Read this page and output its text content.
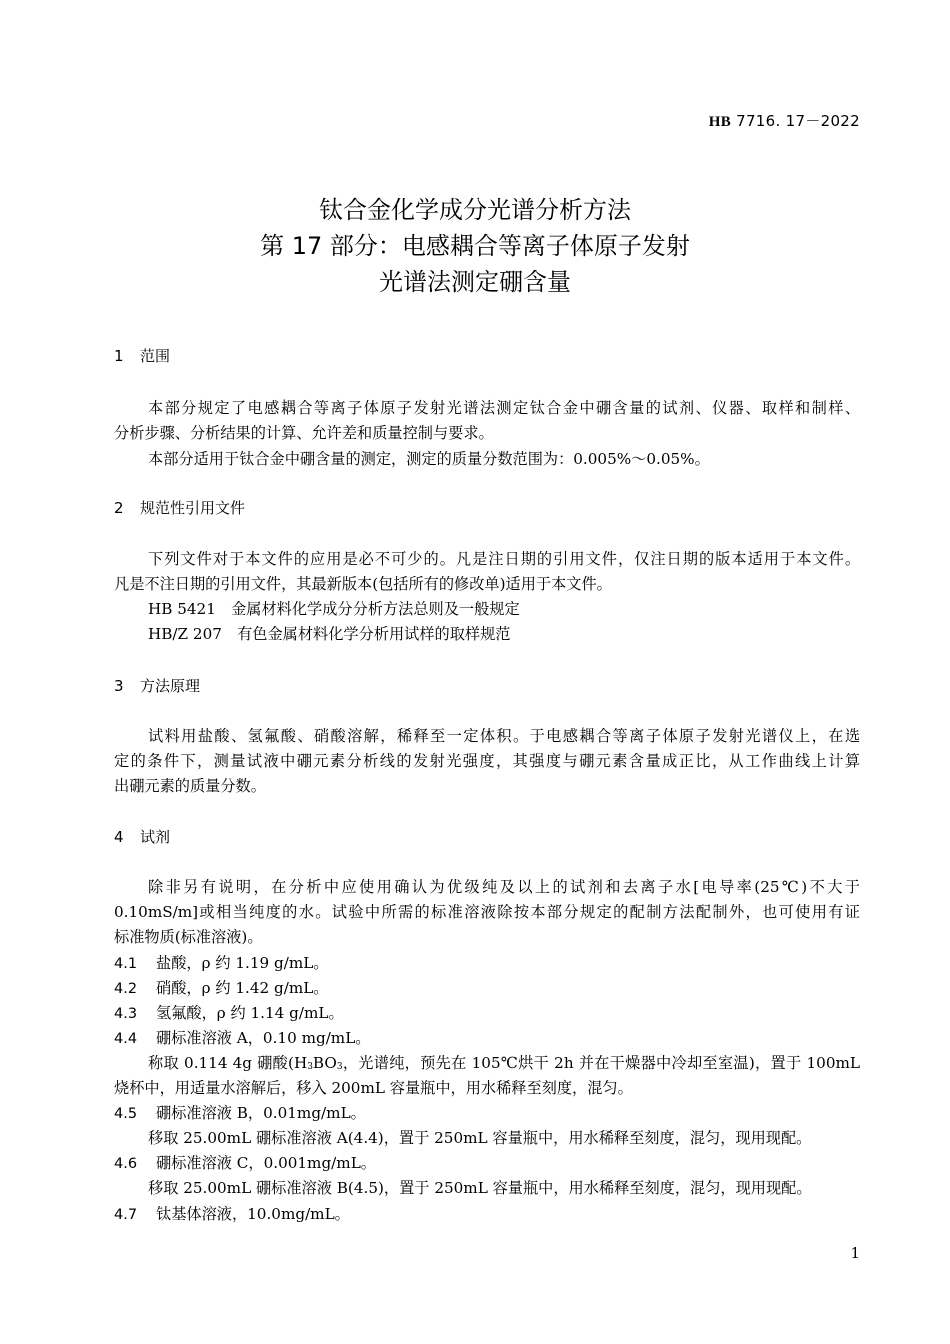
HB 7716. 17－2022
钛合金化学成分光谱分析方法
第 17 部分：电感耦合等离子体原子发射
光谱法测定硼含量
1 范围
本部分规定了电感耦合等离子体原子发射光谱法测定钛合金中硼含量的试剂、仪器、取样和制样、
分析步骤、分析结果的计算、允许差和质量控制与要求。
本部分适用于钛合金中硼含量的测定，测定的质量分数范围为：0.005%～0.05%。
2 规范性引用文件
下列文件对于本文件的应用是必不可少的。凡是注日期的引用文件，仅注日期的版本适用于本文件。
凡是不注日期的引用文件，其最新版本(包括所有的修改单)适用于本文件。
HB 5421　 金属材料化学成分分析方法总则及一般规定
HB/Z 207　 有色金属材料化学分析用试样的取样规范
3 方法原理
试料用盐酸、氢氟酸、硝酸溶解，稀释至一定体积。于电感耦合等离子体原子发射光谱仪上，在选
定的条件下，测量试液中硼元素分析线的发射光强度，其强度与硼元素含量成正比，从工作曲线上计算
出硼元素的质量分数。
4 试剂
除非另有说明，在分析中应使用确认为优级纯及以上的试剂和去离子水[电导率(25℃)不大于
0.10mS/m]或相当纯度的水。试验中所需的标准溶液除按本部分规定的配制方法配制外，也可使用有证
标准物质(标准溶液)。
4.1 盐酸，ρ 约 1.19 g/mL。
4.2 硝酸，ρ 约 1.42 g/mL。
4.3 氢氟酸，ρ 约 1.14 g/mL。
4.4 硼标准溶液 A，0.10 mg/mL。
称取 0.114 4g 硼酸($H_3BO_3$，光谱纯，预先在 105℃烘干 2h 并在干燥器中冷却至室温)，置于 100mL
烧杯中，用适量水溶解后，移入 200mL 容量瓶中，用水稀释至刻度，混匀。
4.5 硼标准溶液 B，0.01mg/mL。
移取 25.00mL 硼标准溶液 A(4.4)，置于 250mL 容量瓶中，用水稀释至刻度，混匀，现用现配。
4.6 硼标准溶液 C，0.001mg/mL。
移取 25.00mL 硼标准溶液 B(4.5)，置于 250mL 容量瓶中，用水稀释至刻度，混匀，现用现配。
4.7 钛基体溶液，10.0mg/mL。
1
